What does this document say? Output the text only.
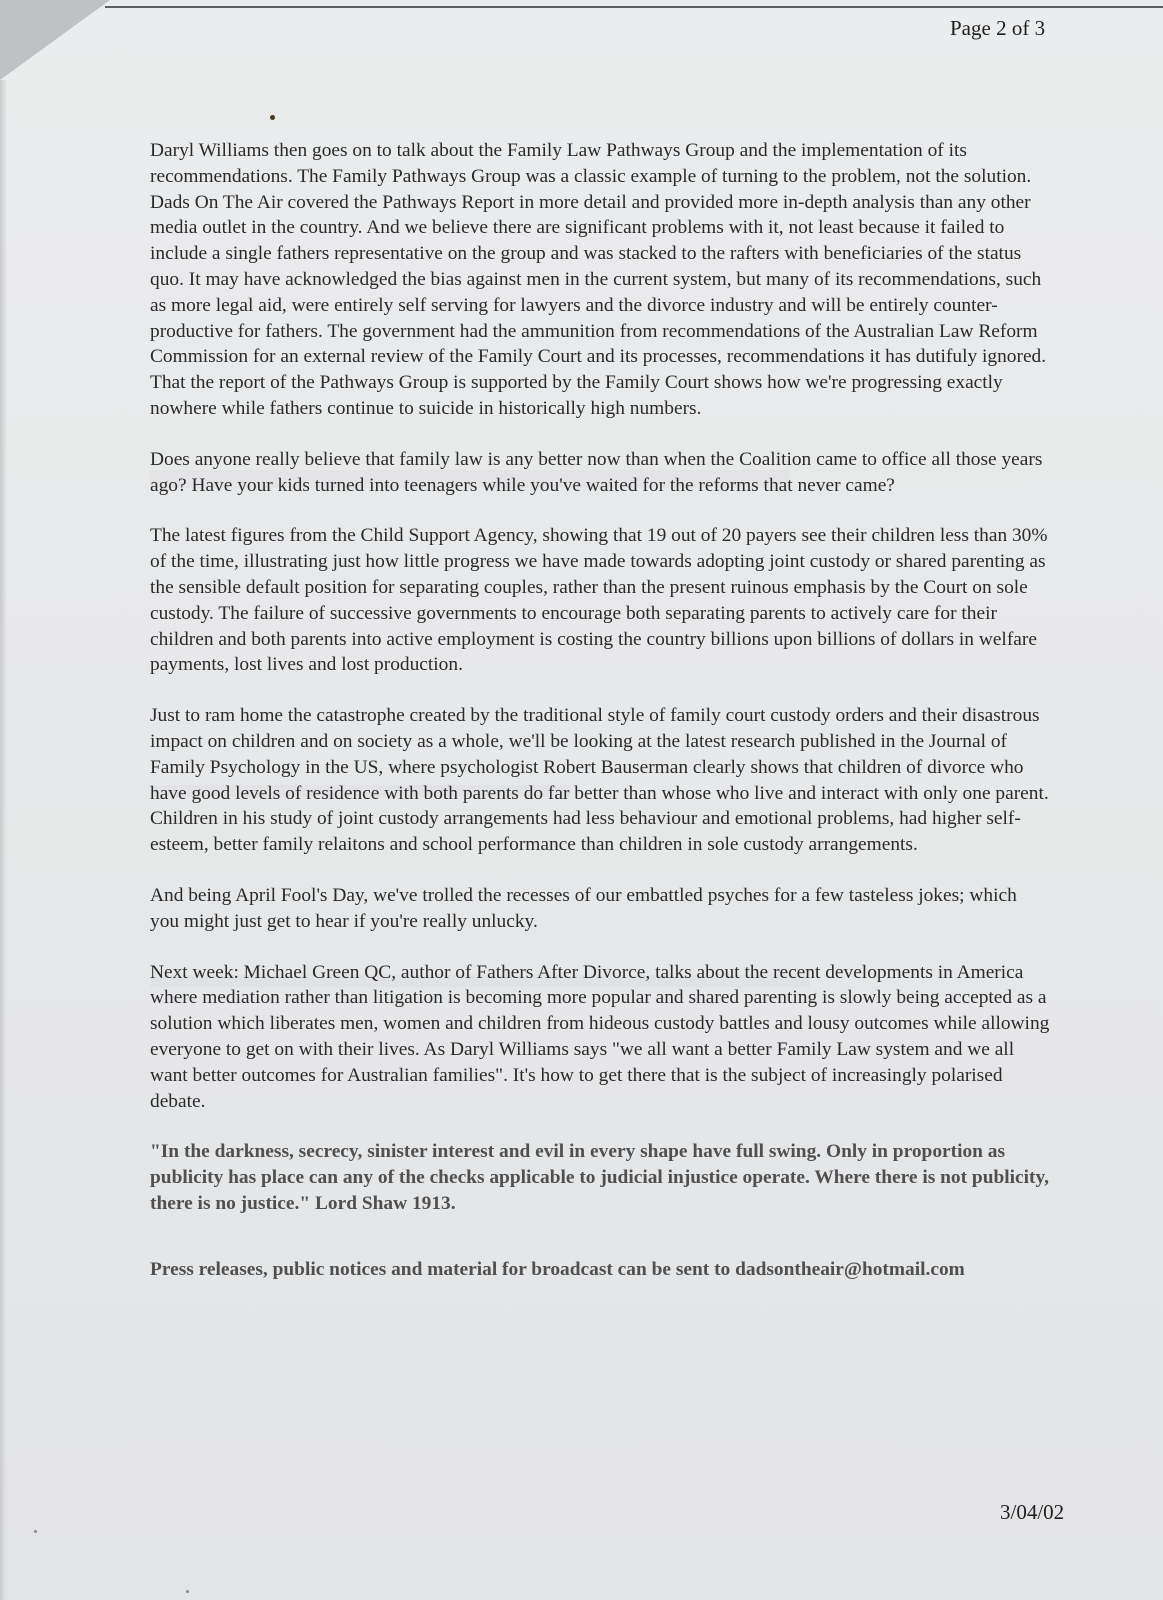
Page 2 of 3

Daryl Williams then goes on to talk about the Family Law Pathways Group and the implementation of its recommendations. The Family Pathways Group was a classic example of turning to the problem, not the solution. Dads On The Air covered the Pathways Report in more detail and provided more in-depth analysis than any other media outlet in the country. And we believe there are significant problems with it, not least because it failed to include a single fathers representative on the group and was stacked to the rafters with beneficiaries of the status quo. It may have acknowledged the bias against men in the current system, but many of its recommendations, such as more legal aid, were entirely self serving for lawyers and the divorce industry and will be entirely counter-productive for fathers. The government had the ammunition from recommendations of the Australian Law Reform Commission for an external review of the Family Court and its processes, recommendations it has dutifuly ignored. That the report of the Pathways Group is supported by the Family Court shows how we're progressing exactly nowhere while fathers continue to suicide in historically high numbers.

Does anyone really believe that family law is any better now than when the Coalition came to office all those years ago? Have your kids turned into teenagers while you've waited for the reforms that never came?

The latest figures from the Child Support Agency, showing that 19 out of 20 payers see their children less than 30% of the time, illustrating just how little progress we have made towards adopting joint custody or shared parenting as the sensible default position for separating couples, rather than the present ruinous emphasis by the Court on sole custody. The failure of successive governments to encourage both separating parents to actively care for their children and both parents into active employment is costing the country billions upon billions of dollars in welfare payments, lost lives and lost production.

Just to ram home the catastrophe created by the traditional style of family court custody orders and their disastrous impact on children and on society as a whole, we'll be looking at the latest research published in the Journal of Family Psychology in the US, where psychologist Robert Bauserman clearly shows that children of divorce who have good levels of residence with both parents do far better than whose who live and interact with only one parent. Children in his study of joint custody arrangements had less behaviour and emotional problems, had higher self-esteem, better family relaitons and school performance than children in sole custody arrangements.

And being April Fool's Day, we've trolled the recesses of our embattled psyches for a few tasteless jokes; which you might just get to hear if you're really unlucky.

Next week: Michael Green QC, author of Fathers After Divorce, talks about the recent developments in America where mediation rather than litigation is becoming more popular and shared parenting is slowly being accepted as a solution which liberates men, women and children from hideous custody battles and lousy outcomes while allowing everyone to get on with their lives. As Daryl Williams says "we all want a better Family Law system and we all want better outcomes for Australian families". It's how to get there that is the subject of increasingly polarised debate.

"In the darkness, secrecy, sinister interest and evil in every shape have full swing. Only in proportion as publicity has place can any of the checks applicable to judicial injustice operate. Where there is not publicity, there is no justice." Lord Shaw 1913.

Press releases, public notices and material for broadcast can be sent to dadsontheair@hotmail.com

3/04/02
